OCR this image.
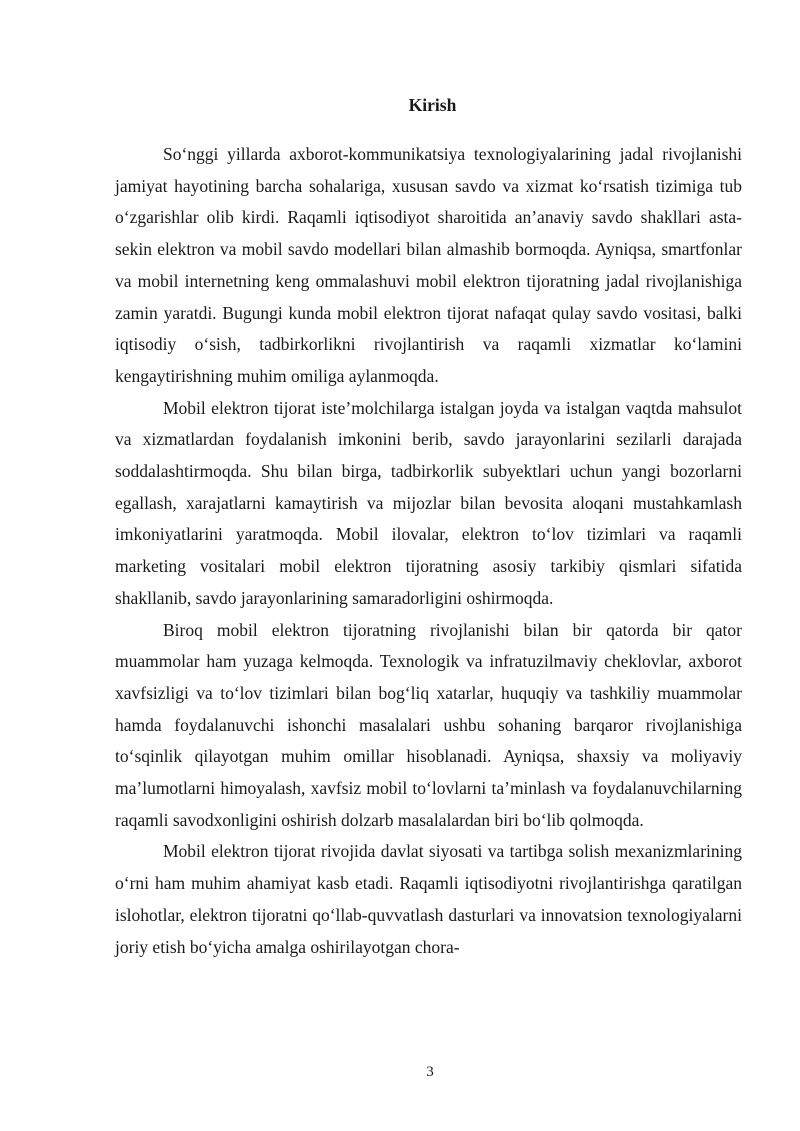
Kirish

So‘nggi yillarda axborot-kommunikatsiya texnologiyalarining jadal rivojlanishi jamiyat hayotining barcha sohalariga, xususan savdo va xizmat ko‘rsatish tizimiga tub o‘zgarishlar olib kirdi. Raqamli iqtisodiyot sharoitida an’anaviy savdo shakllari asta-sekin elektron va mobil savdo modellari bilan almashib bormoqda. Ayniqsa, smartfonlar va mobil internetning keng ommalashuvi mobil elektron tijoratning jadal rivojlanishiga zamin yaratdi. Bugungi kunda mobil elektron tijorat nafaqat qulay savdo vositasi, balki iqtisodiy o‘sish, tadbirkorlikni rivojlantirish va raqamli xizmatlar ko‘lamini kengaytirishning muhim omiliga aylanmoqda.

Mobil elektron tijorat iste’molchilarga istalgan joyda va istalgan vaqtda mahsulot va xizmatlardan foydalanish imkonini berib, savdo jarayonlarini sezilarli darajada soddalashtirmoqda. Shu bilan birga, tadbirkorlik subyektlari uchun yangi bozorlarni egallash, xarajatlarni kamaytirish va mijozlar bilan bevosita aloqani mustahkamlash imkoniyatlarini yaratmoqda. Mobil ilovalar, elektron to‘lov tizimlari va raqamli marketing vositalari mobil elektron tijoratning asosiy tarkibiy qismlari sifatida shakllanib, savdo jarayonlarining samaradorligini oshirmoqda.

Biroq mobil elektron tijoratning rivojlanishi bilan bir qatorda bir qator muammolar ham yuzaga kelmoqda. Texnologik va infratuzilmaviy cheklovlar, axborot xavfsizligi va to‘lov tizimlari bilan bog‘liq xatarlar, huquqiy va tashkiliy muammolar hamda foydalanuvchi ishonchi masalalari ushbu sohaning barqaror rivojlanishiga to‘sqinlik qilayotgan muhim omillar hisoblanadi. Ayniqsa, shaxsiy va moliyaviy ma’lumotlarni himoyalash, xavfsiz mobil to‘lovlarni ta’minlash va foydalanuvchilarning raqamli savodxonligini oshirish dolzarb masalalardan biri bo‘lib qolmoqda.

Mobil elektron tijorat rivojida davlat siyosati va tartibga solish mexanizmlarining o‘rni ham muhim ahamiyat kasb etadi. Raqamli iqtisodiyotni rivojlantirishga qaratilgan islohotlar, elektron tijoratni qo‘llab-quvvatlash dasturlari va innovatsion texnologiyalarni joriy etish bo‘yicha amalga oshirilayotgan chora-

3
